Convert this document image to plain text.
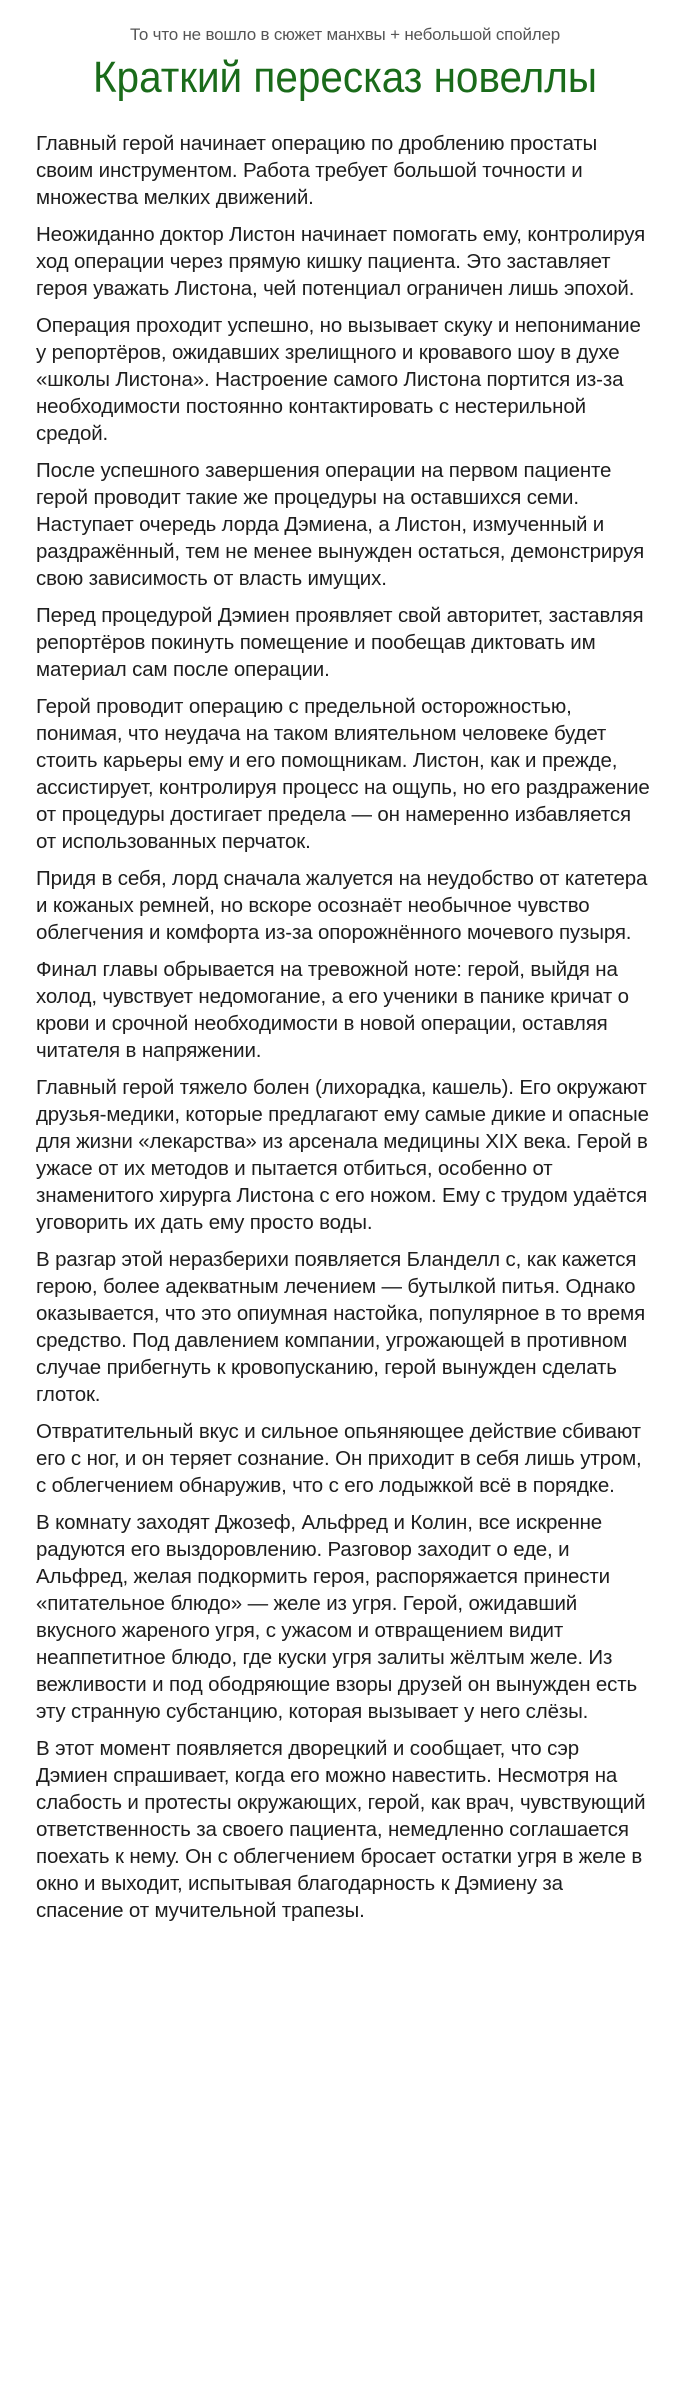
То что не вошло в сюжет манхвы + небольшой спойлер

Краткий пересказ новеллы

Главный герой начинает операцию по дроблению простаты своим инструментом. Работа требует большой точности и множества мелких движений.

Неожиданно доктор Листон начинает помогать ему, контролируя ход операции через прямую кишку пациента. Это заставляет героя уважать Листона, чей потенциал ограничен лишь эпохой.

Операция проходит успешно, но вызывает скуку и непонимание у репортёров, ожидавших зрелищного и кровавого шоу в духе «школы Листона». Настроение самого Листона портится из-за необходимости постоянно контактировать с нестерильной средой.

После успешного завершения операции на первом пациенте герой проводит такие же процедуры на оставшихся семи. Наступает очередь лорда Дэмиена, а Листон, измученный и раздражённый, тем не менее вынужден остаться, демонстрируя свою зависимость от власть имущих.

Перед процедурой Дэмиен проявляет свой авторитет, заставляя репортёров покинуть помещение и пообещав диктовать им материал сам после операции.

Герой проводит операцию с предельной осторожностью, понимая, что неудача на таком влиятельном человеке будет стоить карьеры ему и его помощникам. Листон, как и прежде, ассистирует, контролируя процесс на ощупь, но его раздражение от процедуры достигает предела — он намеренно избавляется от использованных перчаток.

Придя в себя, лорд сначала жалуется на неудобство от катетера и кожаных ремней, но вскоре осознаёт необычное чувство облегчения и комфорта из-за опорожнённого мочевого пузыря.

Финал главы обрывается на тревожной ноте: герой, выйдя на холод, чувствует недомогание, а его ученики в панике кричат о крови и срочной необходимости в новой операции, оставляя читателя в напряжении.

Главный герой тяжело болен (лихорадка, кашель). Его окружают друзья-медики, которые предлагают ему самые дикие и опасные для жизни «лекарства» из арсенала медицины XIX века. Герой в ужасе от их методов и пытается отбиться, особенно от знаменитого хирурга Листона с его ножом. Ему с трудом удаётся уговорить их дать ему просто воды.

В разгар этой неразберихи появляется Бланделл с, как кажется герою, более адекватным лечением — бутылкой питья. Однако оказывается, что это опиумная настойка, популярное в то время средство. Под давлением компании, угрожающей в противном случае прибегнуть к кровопусканию, герой вынужден сделать глоток.

Отвратительный вкус и сильное опьяняющее действие сбивают его с ног, и он теряет сознание. Он приходит в себя лишь утром, с облегчением обнаружив, что с его лодыжкой всё в порядке.

В комнату заходят Джозеф, Альфред и Колин, все искренне радуются его выздоровлению. Разговор заходит о еде, и Альфред, желая подкормить героя, распоряжается принести «питательное блюдо» — желе из угря. Герой, ожидавший вкусного жареного угря, с ужасом и отвращением видит неаппетитное блюдо, где куски угря залиты жёлтым желе. Из вежливости и под ободряющие взоры друзей он вынужден есть эту странную субстанцию, которая вызывает у него слёзы.

В этот момент появляется дворецкий и сообщает, что сэр Дэмиен спрашивает, когда его можно навестить. Несмотря на слабость и протесты окружающих, герой, как врач, чувствующий ответственность за своего пациента, немедленно соглашается поехать к нему. Он с облегчением бросает остатки угря в желе в окно и выходит, испытывая благодарность к Дэмиену за спасение от мучительной трапезы.
